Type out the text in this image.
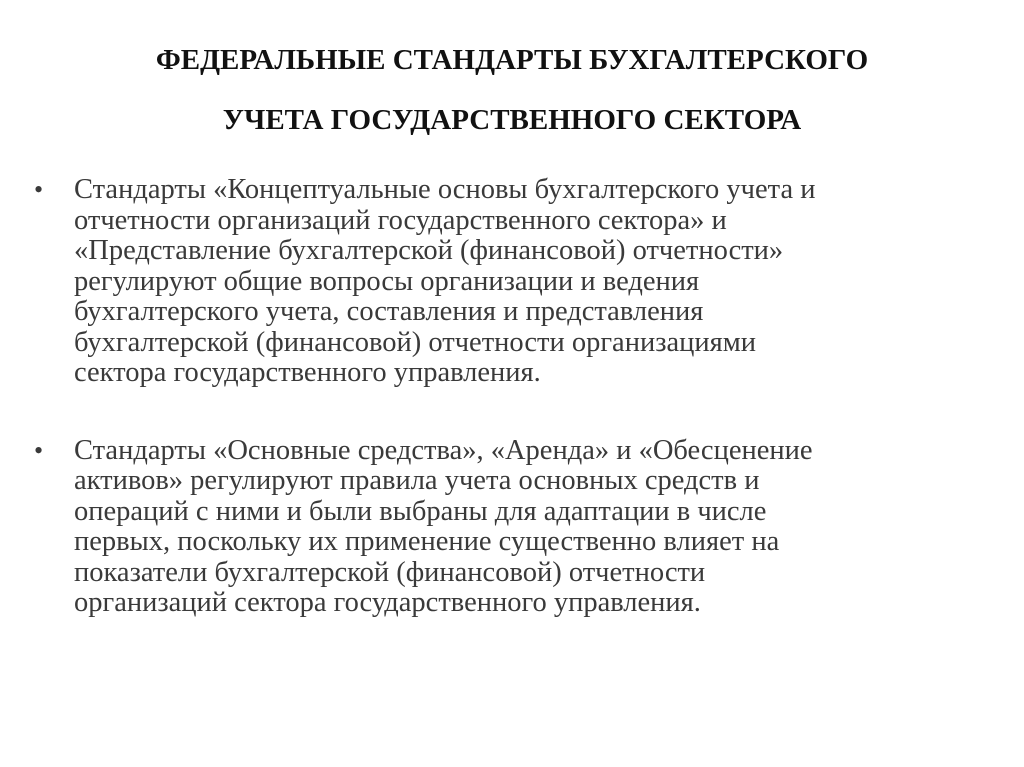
ФЕДЕРАЛЬНЫЕ СТАНДАРТЫ БУХГАЛТЕРСКОГО
УЧЕТА ГОСУДАРСТВЕННОГО СЕКТОРА
•	Стандарты «Концептуальные основы бухгалтерского учета и
отчетности организаций государственного сектора» и
«Представление бухгалтерской (финансовой) отчетности»
регулируют общие вопросы организации и ведения
бухгалтерского учета, составления и представления
бухгалтерской (финансовой) отчетности организациями
сектора государственного управления.
•	Стандарты «Основные средства», «Аренда» и «Обесценение
активов» регулируют правила учета основных средств и
операций с ними и были выбраны для адаптации в числе
первых, поскольку их применение существенно влияет на
показатели бухгалтерской (финансовой) отчетности
организаций сектора государственного управления.
